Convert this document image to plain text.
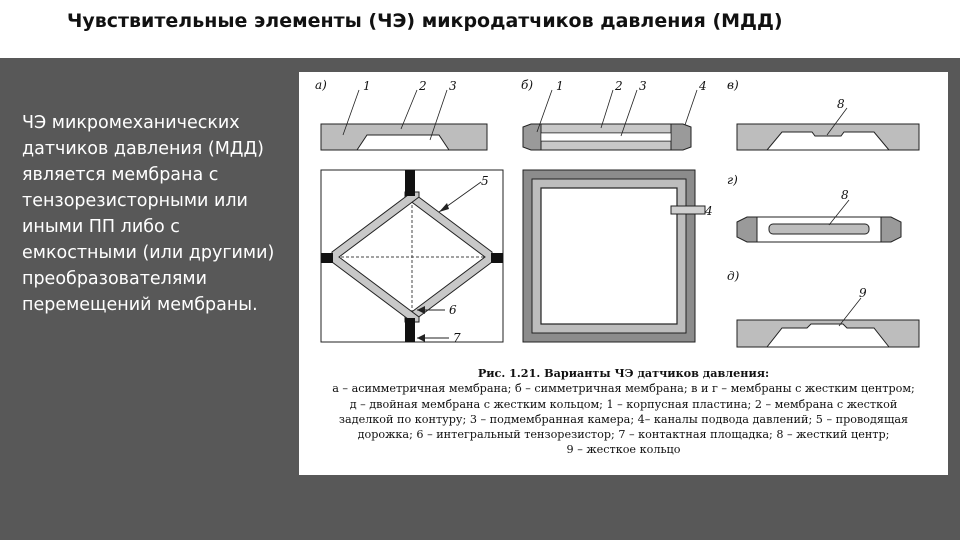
Чувствительные элементы (ЧЭ) микродатчиков давления (МДД)
ЧЭ микромеханических датчиков давления (МДД) является мембрана с тензорезисторными или иными ПП либо с емкостными (или другими) преобразователями перемещений мембраны.
а)	1	2 3
5
6
7
б) 1	2 3	4
4
в)
8
г)
8
д)
9
Рис. 1.21. Варианты ЧЭ датчиков давления:
а – асимметричная мембрана; б – симметричная мембрана; в и г – мембраны с жестким центром;
д – двойная мембрана с жестким кольцом; 1 – корпусная пластина; 2 – мембрана с жесткой
заделкой по контуру; 3 – подмембранная камера; 4– каналы подвода давлений; 5 – проводящая
дорожка; 6 – интегральный тензорезистор; 7 – контактная площадка; 8 – жесткий центр;
9 – жесткое кольцо
